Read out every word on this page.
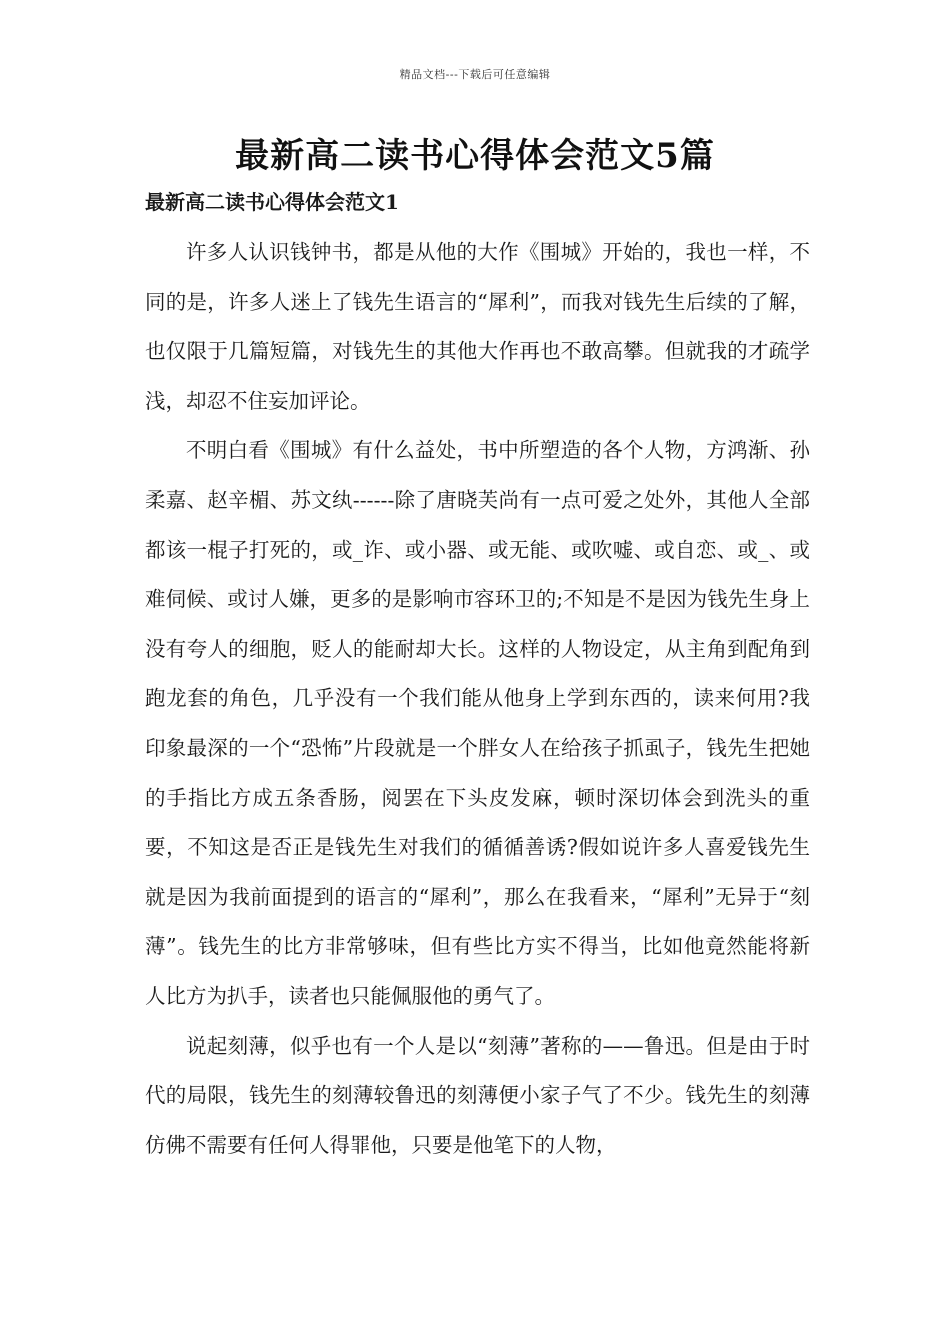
精品文档---下载后可任意编辑
最新高二读书心得体会范文5篇
最新高二读书心得体会范文1

许多人认识钱钟书，都是从他的大作《围城》开始的，我也一样，不同的是，许多人迷上了钱先生语言的“犀利”，而我对钱先生后续的了解，也仅限于几篇短篇，对钱先生的其他大作再也不敢高攀。但就我的才疏学浅，却忍不住妄加评论。

不明白看《围城》有什么益处，书中所塑造的各个人物，方鸿渐、孙柔嘉、赵辛楣、苏文纨------除了唐晓芙尚有一点可爱之处外，其他人全部都该一棍子打死的，或_诈、或小器、或无能、或吹嘘、或自恋、或_、或难伺候、或讨人嫌，更多的是影响市容环卫的;不知是不是因为钱先生身上没有夸人的细胞，贬人的能耐却大长。这样的人物设定，从主角到配角到跑龙套的角色，几乎没有一个我们能从他身上学到东西的，读来何用?我印象最深的一个“恐怖”片段就是一个胖女人在给孩子抓虱子，钱先生把她的手指比方成五条香肠，阅罢在下头皮发麻，顿时深切体会到洗头的重要，不知这是否正是钱先生对我们的循循善诱?假如说许多人喜爱钱先生就是因为我前面提到的语言的“犀利”，那么在我看来，“犀利”无异于“刻薄”。钱先生的比方非常够味，但有些比方实不得当，比如他竟然能将新人比方为扒手，读者也只能佩服他的勇气了。

说起刻薄，似乎也有一个人是以“刻薄”著称的——鲁迅。但是由于时代的局限，钱先生的刻薄较鲁迅的刻薄便小家子气了不少。钱先生的刻薄仿佛不需要有任何人得罪他，只要是他笔下的人物，
